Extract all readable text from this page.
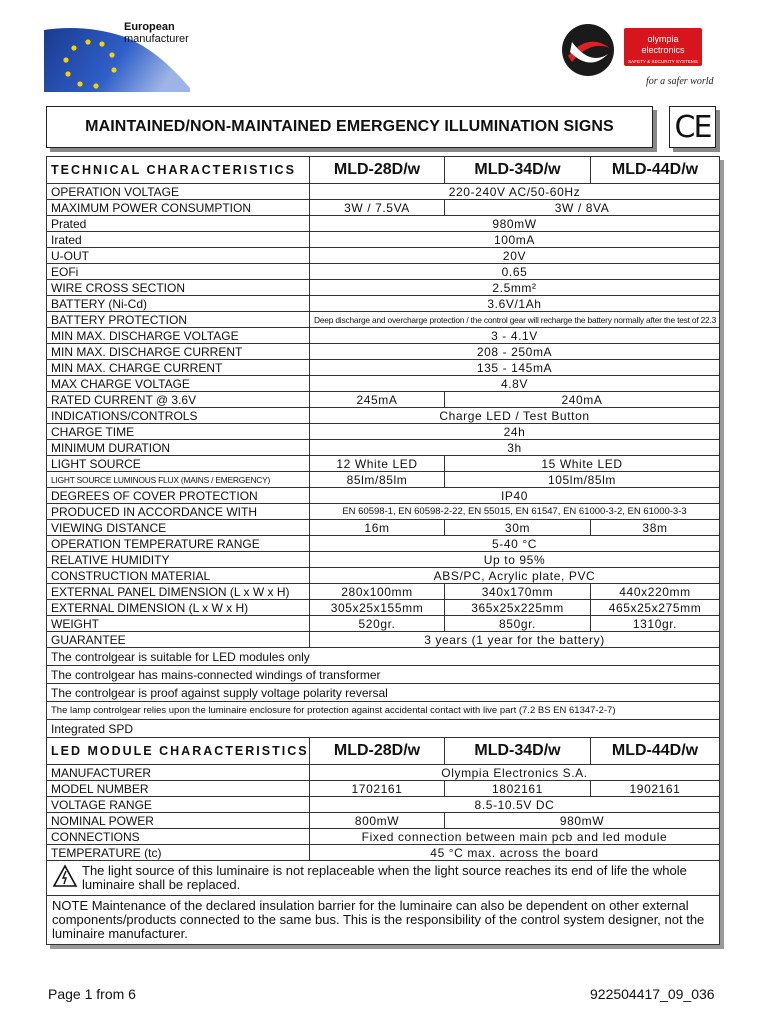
European
manufacturer	olympia
electronics
SAFETY & SECURITY SYSTEMS
for a safer world
MAINTAINED/NON-MAINTAINED EMERGENCY ILLUMINATION SIGNS CE
TECHNICAL CHARACTERISTICS	MLD-28D/w	MLD-34D/w	MLD-44D/w
OPERATION VOLTAGE	220-240V AC/50-60Hz		
MAXIMUM POWER CONSUMPTION	3W / 7.5VA	3W / 8VA	
Prated	980mW		
Irated	100mA		
U-OUT	20V		
EOFi	0.65		
WIRE CROSS SECTION	2.5mm²		
BATTERY (Ni-Cd)	3.6V/1Ah		
BATTERY PROTECTION	Deep discharge and overcharge protection / the control gear will recharge the battery normally after the test of 22.3		
MIN MAX. DISCHARGE VOLTAGE	3 - 4.1V		
MIN MAX. DISCHARGE CURRENT	208 - 250mA		
MIN MAX. CHARGE CURRENT	135 - 145mA		
MAX CHARGE VOLTAGE	4.8V		
RATED CURRENT @ 3.6V	245mA	240mA	
INDICATIONS/CONTROLS	Charge LED / Test Button		
CHARGE TIME	24h		
MINIMUM DURATION	3h		
LIGHT SOURCE	12 White LED	15 White LED	
LIGHT SOURCE LUMINOUS FLUX (MAINS / EMERGENCY)	85lm/85lm	105lm/85lm	
DEGREES OF COVER PROTECTION	IP40		
PRODUCED IN ACCORDANCE WITH	EN 60598-1, EN 60598-2-22, EN 55015, EN 61547, EN 61000-3-2, EN 61000-3-3		
VIEWING DISTANCE	16m	30m	38m
OPERATION TEMPERATURE RANGE	5-40 °C		
RELATIVE HUMIDITY	Up to 95%		
CONSTRUCTION MATERIAL	ABS/PC, Acrylic plate, PVC		
EXTERNAL PANEL DIMENSION (L x W x H)	280x100mm	340x170mm	440x220mm
EXTERNAL DIMENSION (L x W x H)	305x25x155mm	365x25x225mm	465x25x275mm
WEIGHT	520gr.	850gr.	1310gr.
GUARANTEE	3 years (1 year for the battery)		
The controlgear is suitable for LED modules only			
The controlgear has mains-connected windings of transformer			
The controlgear is proof against supply voltage polarity reversal			
The lamp controlgear relies upon the luminaire enclosure for protection against accidental contact with live part (7.2 BS EN 61347-2-7)			
Integrated SPD			
LED MODULE CHARACTERISTICS	MLD-28D/w	MLD-34D/w	MLD-44D/w
MANUFACTURER	Olympia Electronics S.A.		
MODEL NUMBER	1702161	1802161	1902161
VOLTAGE RANGE	8.5-10.5V DC		
NOMINAL POWER	800mW	980mW	
CONNECTIONS	Fixed connection between main pcb and led module		
TEMPERATURE (tc)	45 °C max. across the board		

The light source of this luminaire is not replaceable when the light source reaches its end of life the whole luminaire shall be replaced.			
NOTE Maintenance of the declared insulation barrier for the luminaire can also be dependent on other external components/products connected to the same bus. This is the responsibility of the control system designer, not the luminaire manufacturer.			
Page 1 from 6	922504417_09_036
